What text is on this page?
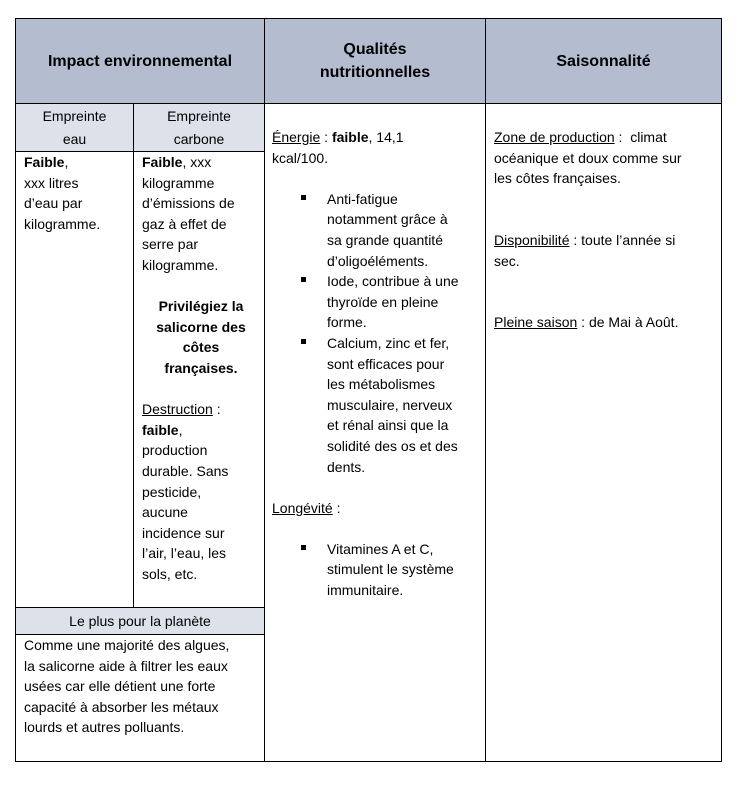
Impact environnemental
Qualités
nutritionnelles
Saisonnalité
Empreinte
eau
Empreinte
carbone
Le plus pour la planète
Faible,
xxx litres
d’eau par
kilogramme.
Faible, xxx
kilogramme
d’émissions de
gaz à effet de
serre par
kilogramme.
Privilégiez la
salicorne des
côtes
françaises.
Destruction :
faible,
production
durable. Sans
pesticide,
aucune
incidence sur
l’air, l’eau, les
sols, etc.
Comme une majorité des algues,
la salicorne aide à filtrer les eaux
usées car elle détient une forte
capacité à absorber les métaux
lourds et autres polluants.
Énergie : faible, 14,1
kcal/100.
Anti-fatigue
notamment grâce à
sa grande quantité
d’oligoéléments.
Iode, contribue à une
thyroïde en pleine
forme.
Calcium, zinc et fer,
sont efficaces pour
les métabolismes
musculaire, nerveux
et rénal ainsi que la
solidité des os et des
dents.
Longévité :
Vitamines A et C,
stimulent le système
immunitaire.
Zone de production :  climat
océanique et doux comme sur
les côtes françaises.
Disponibilité : toute l’année si
sec.
Pleine saison : de Mai à Août.
